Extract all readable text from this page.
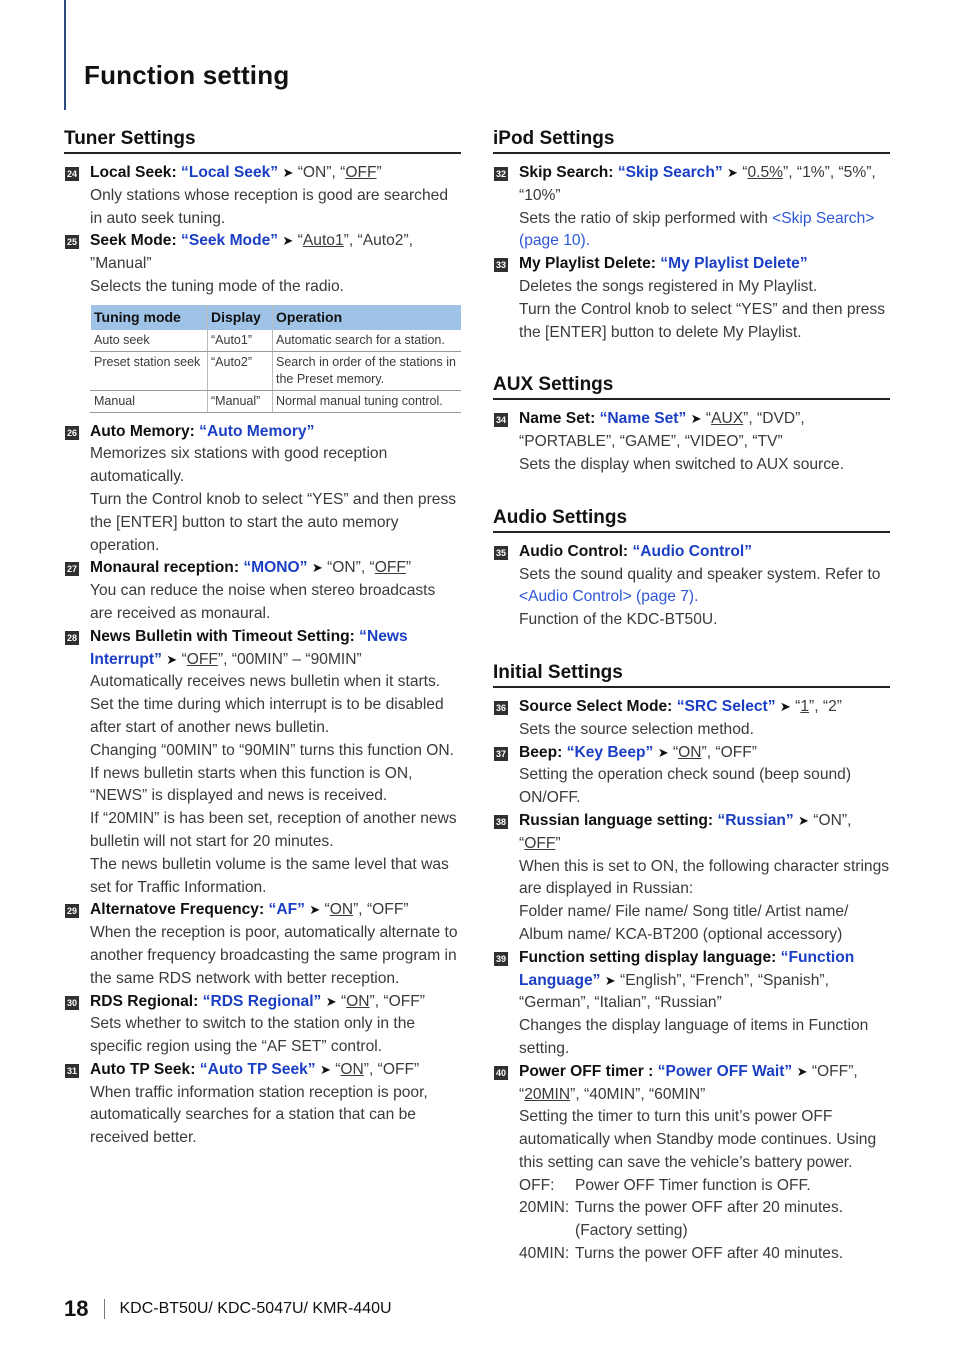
Function setting
Tuner Settings
24 Local Seek: “Local Seek” ➤ “ON”, “OFF”
Only stations whose reception is good are searched in auto seek tuning.
25 Seek Mode: “Seek Mode” ➤ “Auto1”, “Auto2”, ”Manual”
Selects the tuning mode of the radio.
Tuning mode	Display	Operation
Auto seek	“Auto1”	Automatic search for a station.
Preset station seek	“Auto2”	Search in order of the stations in the Preset memory.
Manual	“Manual”	Normal manual tuning control.
26 Auto Memory: “Auto Memory”
Memorizes six stations with good reception automatically.
Turn the Control knob to select “YES” and then press the [ENTER] button to start the auto memory operation.
27 Monaural reception: “MONO” ➤ “ON”, “OFF”
You can reduce the noise when stereo broadcasts are received as monaural.
28 News Bulletin with Timeout Setting: “News Interrupt” ➤ “OFF”, “00MIN” – “90MIN”
Automatically receives news bulletin when it starts. Set the time during which interrupt is to be disabled after start of another news bulletin.
Changing “00MIN” to “90MIN” turns this function ON.
If news bulletin starts when this function is ON, “NEWS” is displayed and news is received.
If “20MIN” is has been set, reception of another news bulletin will not start for 20 minutes.
The news bulletin volume is the same level that was set for Traffic Information.
29 Alternatove Frequency: “AF” ➤ “ON”, “OFF”
When the reception is poor, automatically alternate to another frequency broadcasting the same program in the same RDS network with better reception.
30 RDS Regional: “RDS Regional” ➤ “ON”, “OFF”
Sets whether to switch to the station only in the specific region using the “AF SET” control.
31 Auto TP Seek: “Auto TP Seek” ➤ “ON”, “OFF”
When traffic information station reception is poor, automatically searches for a station that can be received better.
iPod Settings
32 Skip Search: “Skip Search” ➤ “0.5%”, “1%”, “5%”, “10%”
Sets the ratio of skip performed with <Skip Search> (page 10).
33 My Playlist Delete: “My Playlist Delete”
Deletes the songs registered in My Playlist.
Turn the Control knob to select “YES” and then press the [ENTER] button to delete My Playlist.
AUX Settings
34 Name Set: “Name Set” ➤ “AUX”, “DVD”, “PORTABLE”, “GAME”, “VIDEO”, “TV”
Sets the display when switched to AUX source.
Audio Settings
35 Audio Control: “Audio Control”
Sets the sound quality and speaker system. Refer to <Audio Control> (page 7).
Function of the KDC-BT50U.
Initial Settings
36 Source Select Mode: “SRC Select” ➤ “1”, “2”
Sets the source selection method.
37 Beep: “Key Beep” ➤ “ON”, “OFF”
Setting the operation check sound (beep sound) ON/OFF.
38 Russian language setting: “Russian” ➤ “ON”, “OFF”
When this is set to ON, the following character strings are displayed in Russian:
Folder name/ File name/ Song title/ Artist name/ Album name/ KCA-BT200 (optional accessory)
39 Function setting display language: “Function Language” ➤ “English”, “French”, “Spanish”, “German”, “Italian”, “Russian”
Changes the display language of items in Function setting.
40 Power OFF timer : “Power OFF Wait” ➤ “OFF”, “20MIN”, “40MIN”, “60MIN”
Setting the timer to turn this unit’s power OFF automatically when Standby mode continues. Using this setting can save the vehicle’s battery power.
OFF:	Power OFF Timer function is OFF.
20MIN: Turns the power OFF after 20 minutes. (Factory setting)
40MIN: Turns the power OFF after 40 minutes.
18 KDC-BT50U/ KDC-5047U/ KMR-440U
